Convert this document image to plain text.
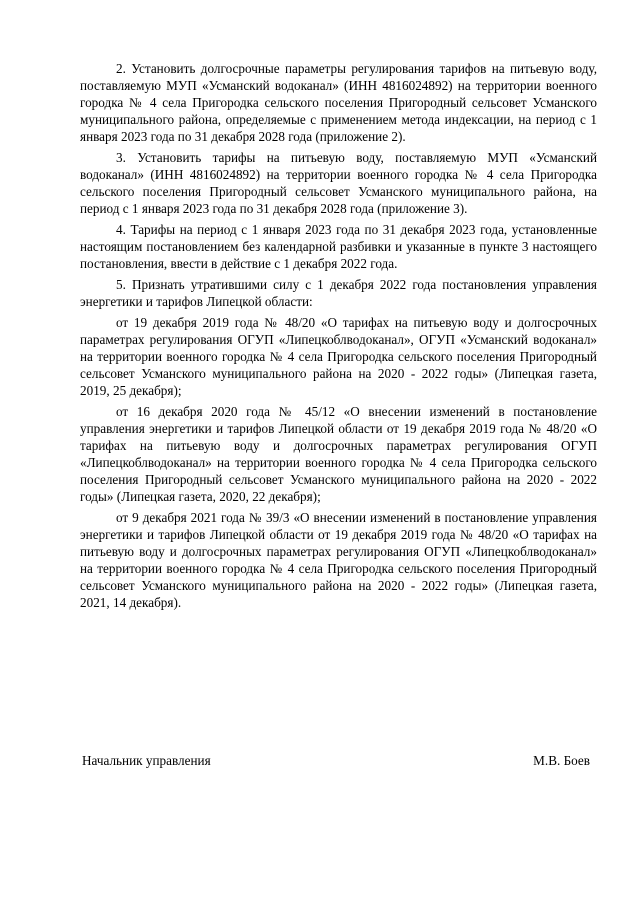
2. Установить долгосрочные параметры регулирования тарифов на питьевую воду, поставляемую МУП «Усманский водоканал» (ИНН 4816024892) на территории военного городка № 4 села Пригородка сельского поселения Пригородный сельсовет Усманского муниципального района, определяемые с применением метода индексации, на период с 1 января 2023 года по 31 декабря 2028 года (приложение 2).

3. Установить тарифы на питьевую воду, поставляемую МУП «Усманский водоканал» (ИНН 4816024892) на территории военного городка № 4 села Пригородка сельского поселения Пригородный сельсовет Усманского муниципального района, на период с 1 января 2023 года по 31 декабря 2028 года (приложение 3).

4. Тарифы на период с 1 января 2023 года по 31 декабря 2023 года, установленные настоящим постановлением без календарной разбивки и указанные в пункте 3 настоящего постановления, ввести в действие с 1 декабря 2022 года.

5. Признать утратившими силу с 1 декабря 2022 года постановления управления энергетики и тарифов Липецкой области:

от 19 декабря 2019 года № 48/20 «О тарифах на питьевую воду и долгосрочных параметрах регулирования ОГУП «Липецкоблводоканал», ОГУП «Усманский водоканал» на территории военного городка № 4 села Пригородка сельского поселения Пригородный сельсовет Усманского муниципального района на 2020 - 2022 годы» (Липецкая газета, 2019, 25 декабря);

от 16 декабря 2020 года № 45/12 «О внесении изменений в постановление управления энергетики и тарифов Липецкой области от 19 декабря 2019 года № 48/20 «О тарифах на питьевую воду и долгосрочных параметрах регулирования ОГУП «Липецкоблводоканал» на территории военного городка № 4 села Пригородка сельского поселения Пригородный сельсовет Усманского муниципального района на 2020 - 2022 годы» (Липецкая газета, 2020, 22 декабря);

от 9 декабря 2021 года № 39/3 «О внесении изменений в постановление управления энергетики и тарифов Липецкой области от 19 декабря 2019 года № 48/20 «О тарифах на питьевую воду и долгосрочных параметрах регулирования ОГУП «Липецкоблводоканал» на территории военного городка № 4 села Пригородка сельского поселения Пригородный сельсовет Усманского муниципального района на 2020 - 2022 годы» (Липецкая газета, 2021, 14 декабря).

Начальник управления	М.В. Боев
